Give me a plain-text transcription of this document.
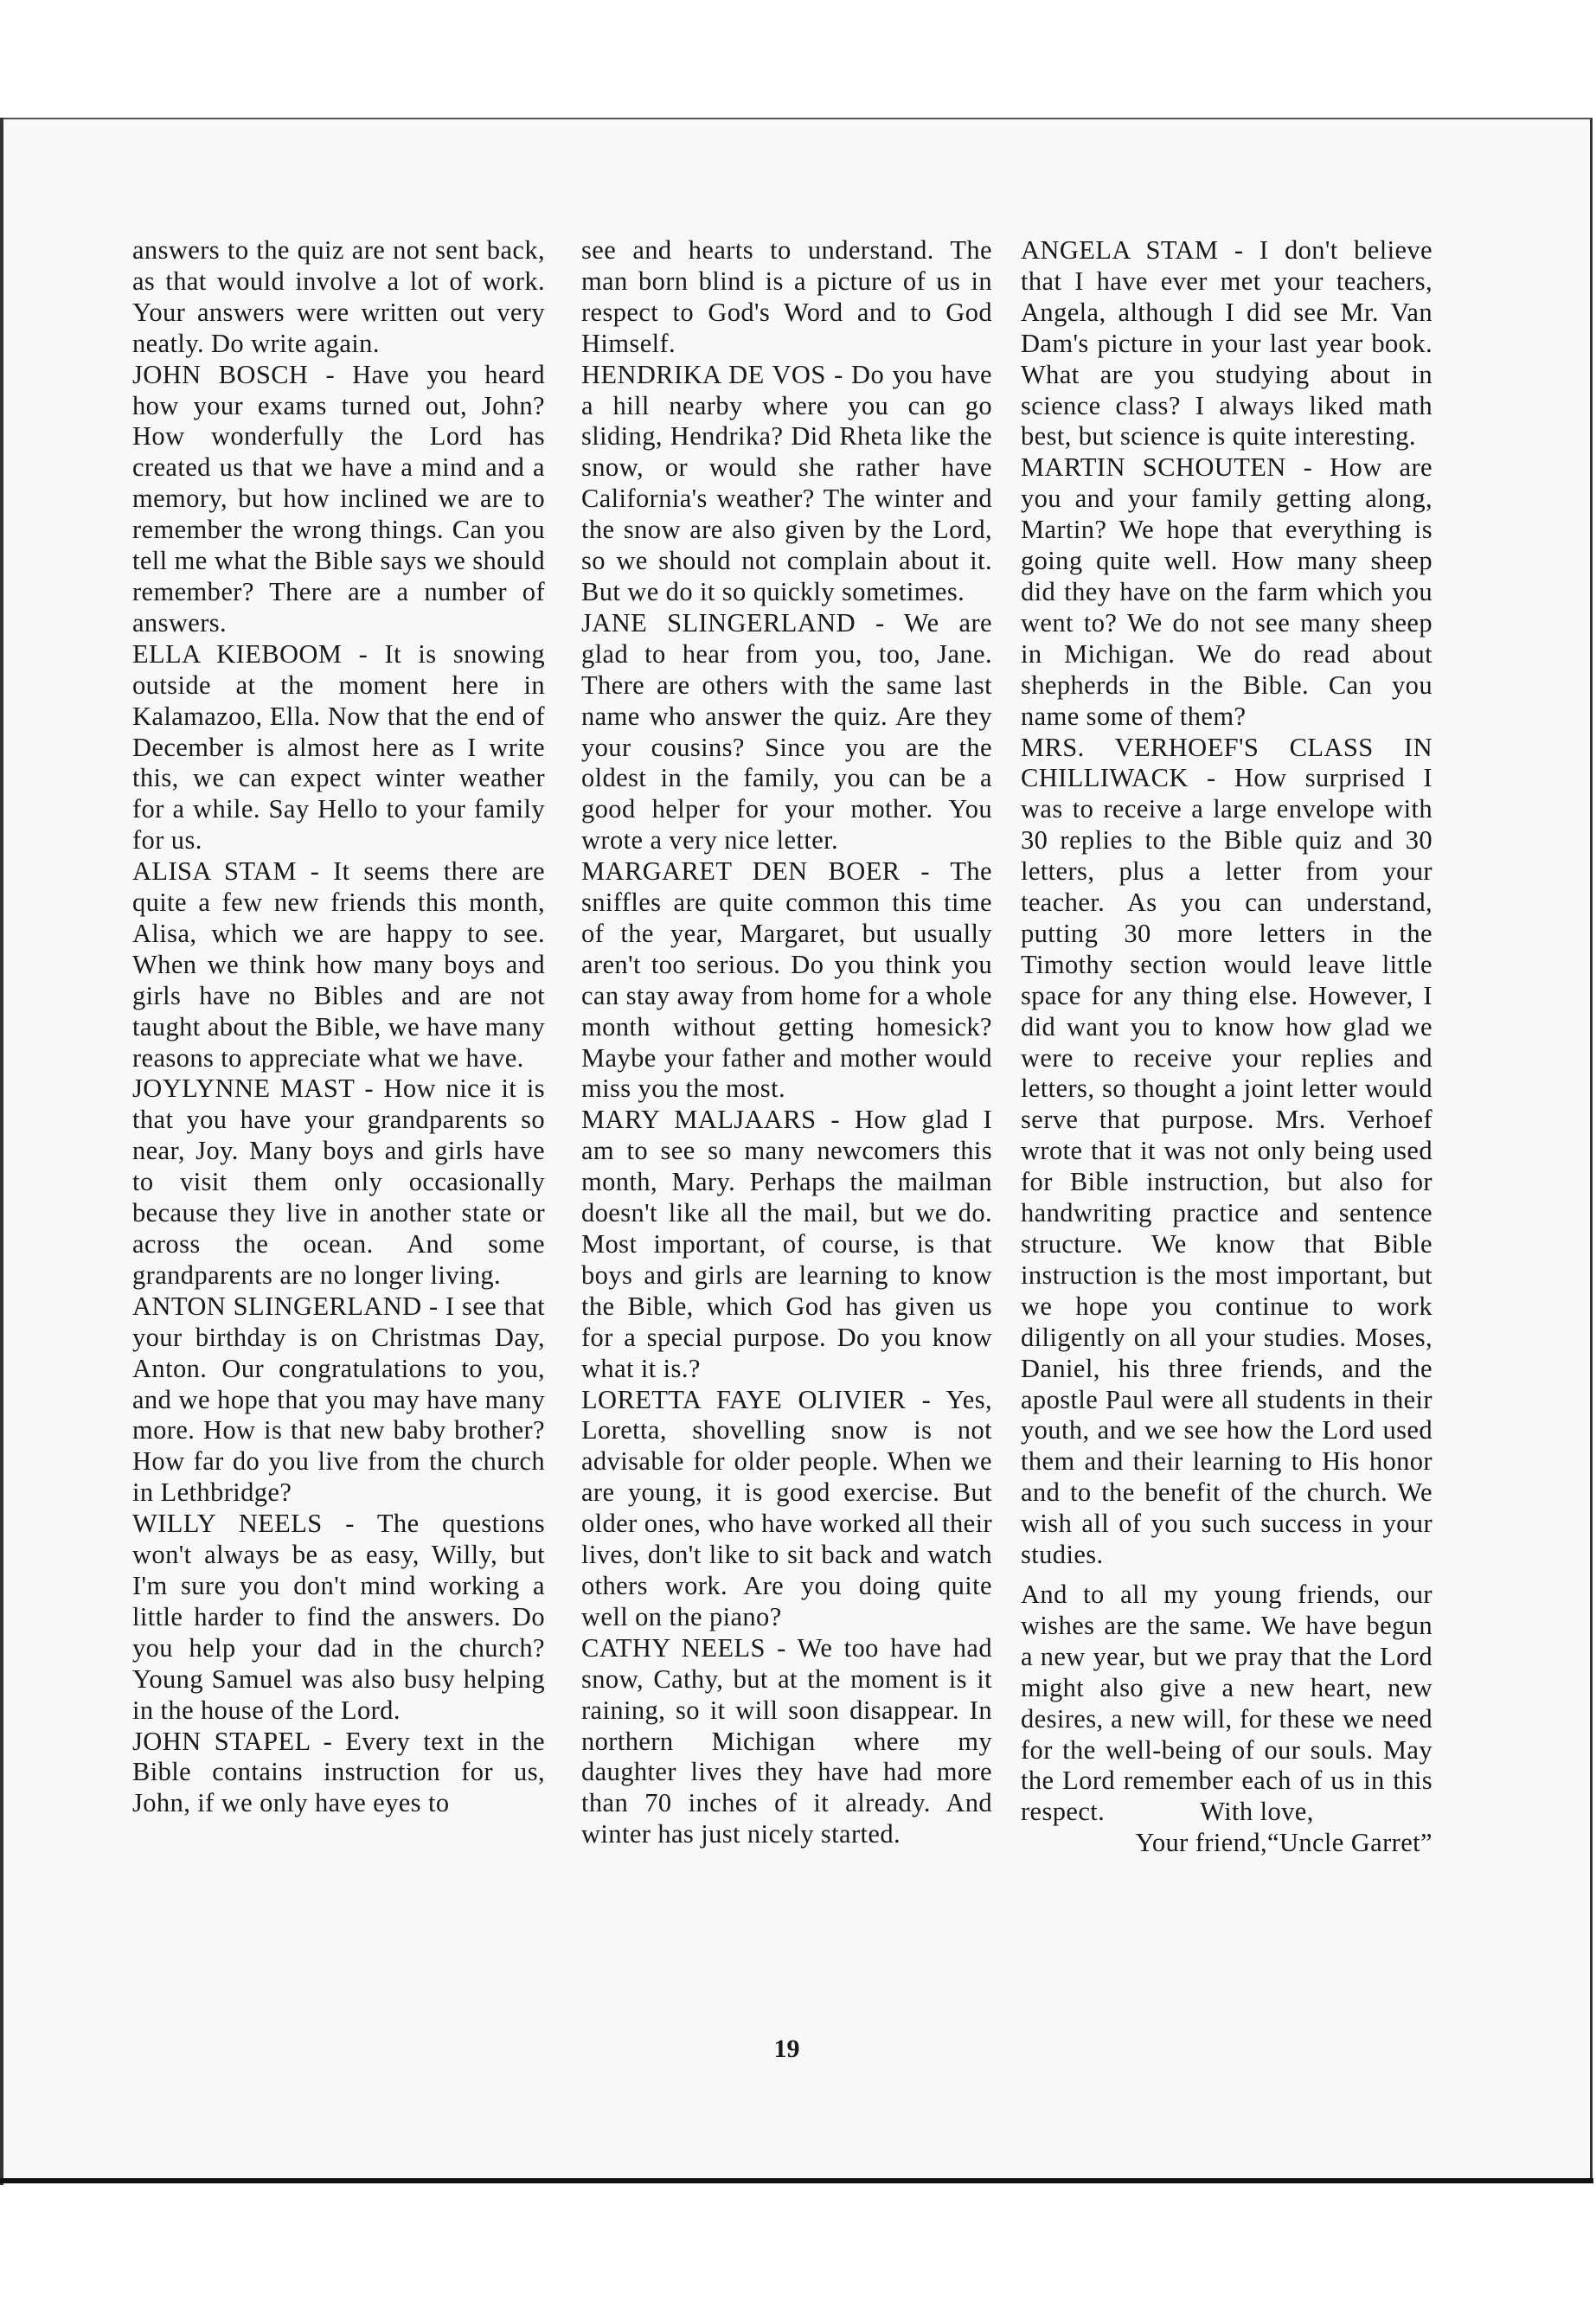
answers to the quiz are not sent back, as that would involve a lot of work. Your answers were written out very neatly. Do write again.

JOHN BOSCH - Have you heard how your exams turned out, John? How wonderfully the Lord has created us that we have a mind and a memory, but how inclined we are to remember the wrong things. Can you tell me what the Bible says we should remember? There are a number of answers.

ELLA KIEBOOM - It is snowing outside at the moment here in Kalamazoo, Ella. Now that the end of December is almost here as I write this, we can expect winter weather for a while. Say Hello to your family for us.

ALISA STAM - It seems there are quite a few new friends this month, Alisa, which we are happy to see. When we think how many boys and girls have no Bibles and are not taught about the Bible, we have many reasons to appreciate what we have.

JOYLYNNE MAST - How nice it is that you have your grandparents so near, Joy. Many boys and girls have to visit them only occasionally because they live in another state or across the ocean. And some grandparents are no longer living.

ANTON SLINGERLAND - I see that your birthday is on Christmas Day, Anton. Our congratulations to you, and we hope that you may have many more. How is that new baby brother? How far do you live from the church in Lethbridge?

WILLY NEELS - The questions won't always be as easy, Willy, but I'm sure you don't mind working a little harder to find the answers. Do you help your dad in the church? Young Samuel was also busy helping in the house of the Lord.

JOHN STAPEL - Every text in the Bible contains instruction for us, John, if we only have eyes to

see and hearts to understand. The man born blind is a picture of us in respect to God's Word and to God Himself.

HENDRIKA DE VOS - Do you have a hill nearby where you can go sliding, Hendrika? Did Rheta like the snow, or would she rather have California's weather? The winter and the snow are also given by the Lord, so we should not complain about it. But we do it so quickly sometimes.

JANE SLINGERLAND - We are glad to hear from you, too, Jane. There are others with the same last name who answer the quiz. Are they your cousins? Since you are the oldest in the family, you can be a good helper for your mother. You wrote a very nice letter.

MARGARET DEN BOER - The sniffles are quite common this time of the year, Margaret, but usually aren't too serious. Do you think you can stay away from home for a whole month without getting homesick? Maybe your father and mother would miss you the most.

MARY MALJAARS - How glad I am to see so many newcomers this month, Mary. Perhaps the mailman doesn't like all the mail, but we do. Most important, of course, is that boys and girls are learning to know the Bible, which God has given us for a special purpose. Do you know what it is.?

LORETTA FAYE OLIVIER - Yes, Loretta, shovelling snow is not advisable for older people. When we are young, it is good exercise. But older ones, who have worked all their lives, don't like to sit back and watch others work. Are you doing quite well on the piano?

CATHY NEELS - We too have had snow, Cathy, but at the moment is it raining, so it will soon disappear. In northern Michigan where my daughter lives they have had more than 70 inches of it already. And winter has just nicely started.

ANGELA STAM - I don't believe that I have ever met your teachers, Angela, although I did see Mr. Van Dam's picture in your last year book. What are you studying about in science class? I always liked math best, but science is quite interesting.

MARTIN SCHOUTEN - How are you and your family getting along, Martin? We hope that everything is going quite well. How many sheep did they have on the farm which you went to? We do not see many sheep in Michigan. We do read about shepherds in the Bible. Can you name some of them?

MRS. VERHOEF'S CLASS IN CHILLIWACK - How surprised I was to receive a large envelope with 30 replies to the Bible quiz and 30 letters, plus a letter from your teacher. As you can understand, putting 30 more letters in the Timothy section would leave little space for any thing else. However, I did want you to know how glad we were to receive your replies and letters, so thought a joint letter would serve that purpose. Mrs. Verhoef wrote that it was not only being used for Bible instruction, but also for handwriting practice and sentence structure. We know that Bible instruction is the most important, but we hope you continue to work diligently on all your studies. Moses, Daniel, his three friends, and the apostle Paul were all students in their youth, and we see how the Lord used them and their learning to His honor and to the benefit of the church. We wish all of you such success in your studies.

And to all my young friends, our wishes are the same. We have begun a new year, but we pray that the Lord might also give a new heart, new desires, a new will, for these we need for the well-being of our souls. May the Lord remember each of us in this respect.	With love,

Your friend,“Uncle Garret”

19
